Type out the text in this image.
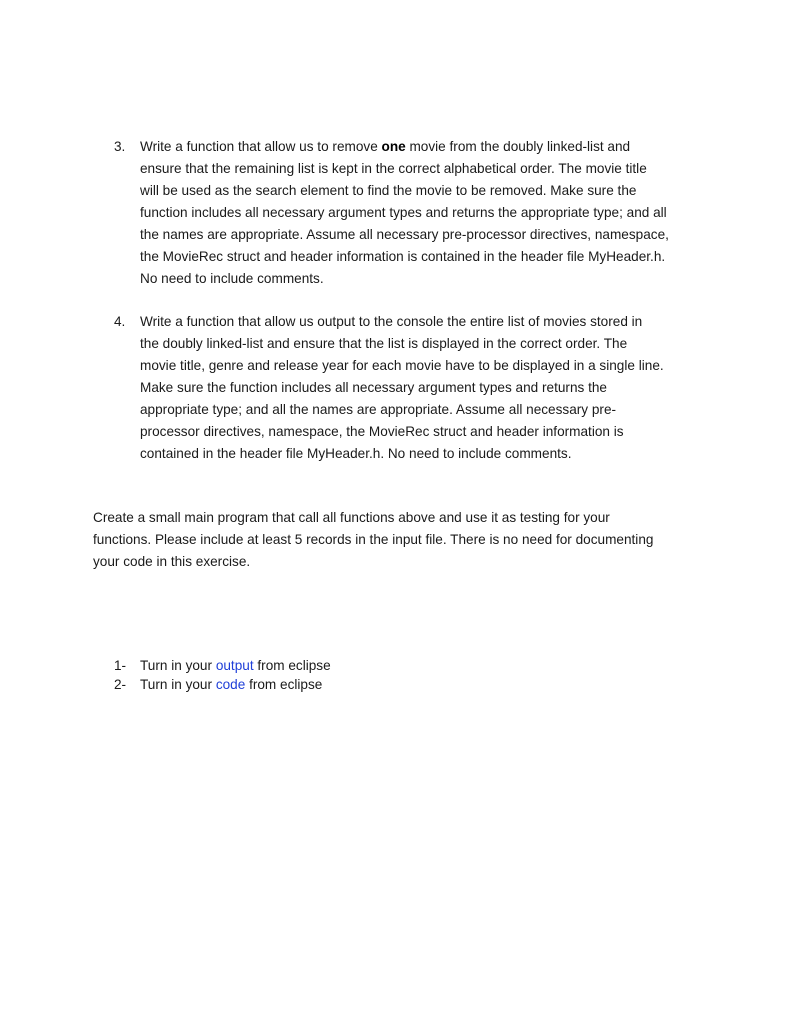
3.	Write a function that allow us to remove one movie from the doubly linked-list and
ensure that the remaining list is kept in the correct alphabetical order. The movie title
will be used as the search element to find the movie to be removed. Make sure the
function includes all necessary argument types and returns the appropriate type; and all
the names are appropriate. Assume all necessary pre-processor directives, namespace,
the MovieRec struct and header information is contained in the header file MyHeader.h.
No need to include comments.
4.	Write a function that allow us output to the console the entire list of movies stored in
the doubly linked-list and ensure that the list is displayed in the correct order. The
movie title, genre and release year for each movie have to be displayed in a single line.
Make sure the function includes all necessary argument types and returns the
appropriate type; and all the names are appropriate. Assume all necessary pre-
processor directives, namespace, the MovieRec struct and header information is
contained in the header file MyHeader.h. No need to include comments.
Create a small main program that call all functions above and use it as testing for your
functions. Please include at least 5 records in the input file. There is no need for documenting
your code in this exercise.
1- Turn in your output from eclipse
2- Turn in your code from eclipse
